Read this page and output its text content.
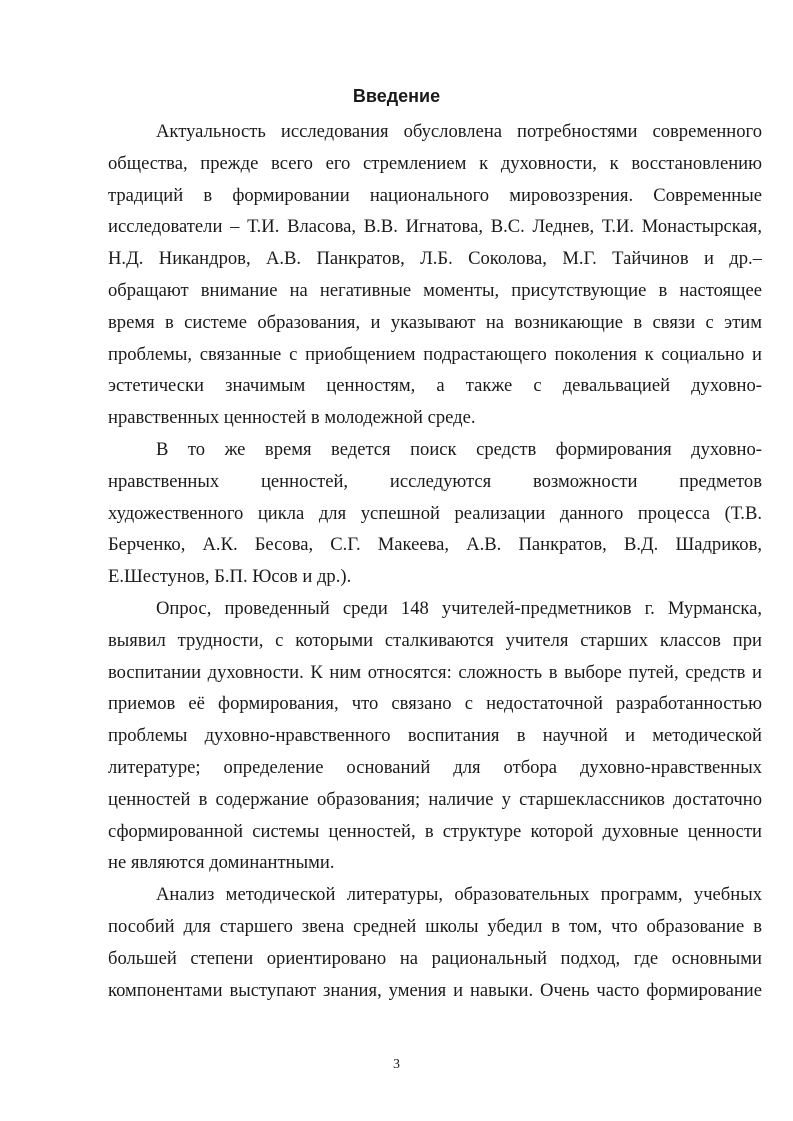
Введение

Актуальность исследования обусловлена потребностями современного
общества, прежде всего его стремлением к духовности, к восстановлению
традиций в формировании национального мировоззрения. Современные
исследователи – Т.И. Власова, В.В. Игнатова, В.С. Леднев, Т.И. Монастырская,
Н.Д. Никандров, А.В. Панкратов, Л.Б. Соколова, М.Г. Тайчинов и др.–
обращают внимание на негативные моменты, присутствующие в настоящее
время в системе образования, и указывают на возникающие в связи с этим
проблемы, связанные с приобщением подрастающего поколения к социально и
эстетически значимым ценностям, а также с девальвацией духовно-
нравственных ценностей в молодежной среде.

В то же время ведется поиск средств формирования духовно-
нравственных ценностей, исследуются возможности предметов
художественного цикла для успешной реализации данного процесса (Т.В.
Берченко, А.К. Бесова, С.Г. Макеева, А.В. Панкратов, В.Д. Шадриков,
Е.Шестунов, Б.П. Юсов и др.).

Опрос, проведенный среди 148 учителей-предметников г. Мурманска,
выявил трудности, с которыми сталкиваются учителя старших классов при
воспитании духовности. К ним относятся: сложность в выборе путей, средств и
приемов её формирования, что связано с недостаточной разработанностью
проблемы духовно-нравственного воспитания в научной и методической
литературе; определение оснований для отбора духовно-нравственных
ценностей в содержание образования; наличие у старшеклассников достаточно
сформированной системы ценностей, в структуре которой духовные ценности
не являются доминантными.

Анализ методической литературы, образовательных программ, учебных
пособий для старшего звена средней школы убедил в том, что образование в
большей степени ориентировано на рациональный подход, где основными
компонентами выступают знания, умения и навыки. Очень часто формирование

3
